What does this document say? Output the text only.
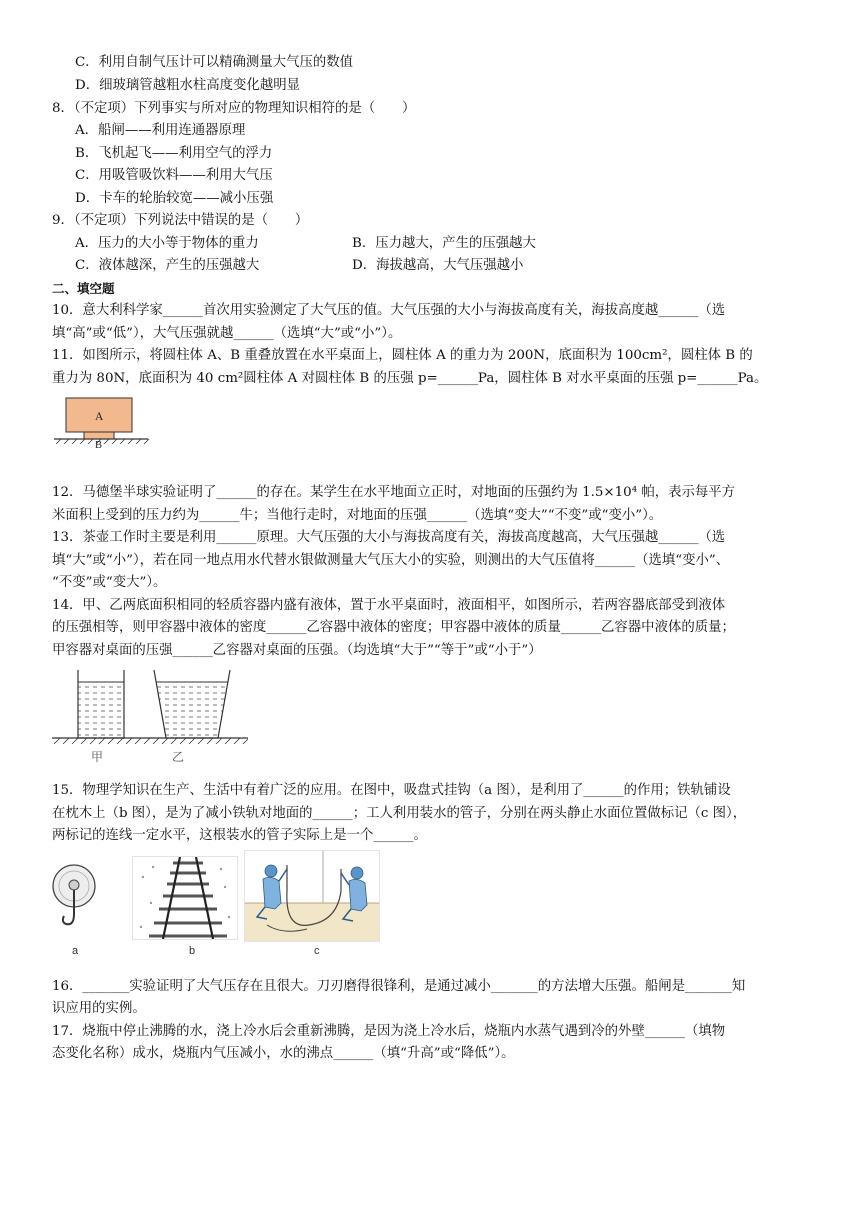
C．利用自制气压计可以精确测量大气压的数值
D．细玻璃管越粗水柱高度变化越明显
8．（不定项）下列事实与所对应的物理知识相符的是（　　）
A．船闸——利用连通器原理
B．飞机起飞——利用空气的浮力
C．用吸管吸饮料——利用大气压
D．卡车的轮胎较宽——减小压强
9．（不定项）下列说法中错误的是（　　）
A．压力的大小等于物体的重力	B．压力越大，产生的压强越大
C．液体越深，产生的压强越大	D．海拔越高，大气压强越小
二、填空题
10．意大利科学家______首次用实验测定了大气压的值。大气压强的大小与海拔高度有关，海拔高度越______（选
填“高”或“低”），大气压强就越______（选填“大”或“小”）。
11．如图所示，将圆柱体 A、B 重叠放置在水平桌面上，圆柱体 A 的重力为 200N，底面积为 100cm²，圆柱体 B 的
重力为 80N，底面积为 40 cm²圆柱体 A 对圆柱体 B 的压强 p=______Pa，圆柱体 B 对水平桌面的压强 p=______Pa。
A
B
12．马德堡半球实验证明了______的存在。某学生在水平地面立正时，对地面的压强约为 1.5×10⁴ 帕，表示每平方
米面积上受到的压力约为______牛；当他行走时，对地面的压强______（选填“变大”“不变”或“变小”）。
13．茶壶工作时主要是利用______原理。大气压强的大小与海拔高度有关，海拔高度越高，大气压强越______（选
填“大”或“小”），若在同一地点用水代替水银做测量大气压大小的实验，则测出的大气压值将______（选填“变小”、
“不变”或“变大”）。
14．甲、乙两底面积相同的轻质容器内盛有液体，置于水平桌面时，液面相平，如图所示，若两容器底部受到液体
的压强相等，则甲容器中液体的密度______乙容器中液体的密度；甲容器中液体的质量______乙容器中液体的质量；
甲容器对桌面的压强______乙容器对桌面的压强。（均选填“大于”“等于”或“小于”）
甲	乙
15．物理学知识在生产、生活中有着广泛的应用。在图中，吸盘式挂钩（a 图），是利用了______的作用；铁轨铺设
在枕木上（b 图），是为了减小铁轨对地面的______；工人利用装水的管子，分别在两头静止水面位置做标记（c 图），
两标记的连线一定水平，这根装水的管子实际上是一个______。
a	b	c
16．_______实验证明了大气压存在且很大。刀刃磨得很锋利，是通过减小_______的方法增大压强。船闸是_______知
识应用的实例。
17．烧瓶中停止沸腾的水，浇上冷水后会重新沸腾，是因为浇上冷水后，烧瓶内水蒸气遇到冷的外壁______（填物
态变化名称）成水，烧瓶内气压减小，水的沸点______（填“升高”或“降低”）。
